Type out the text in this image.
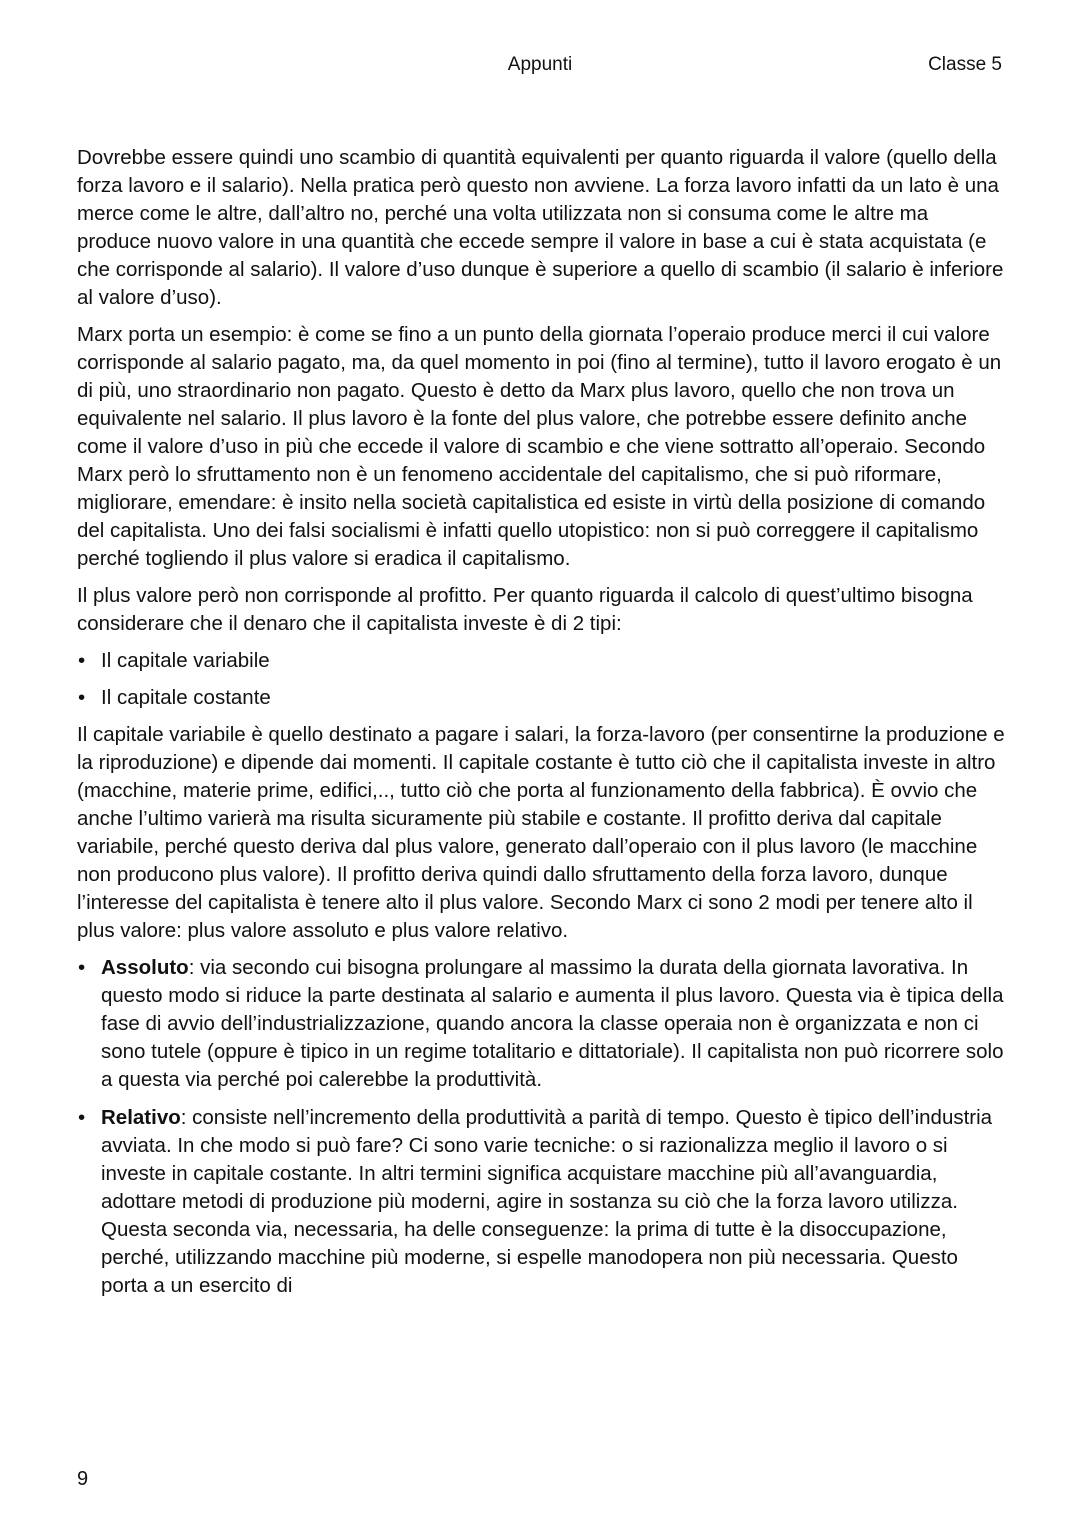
Appunti	Classe 5

Dovrebbe essere quindi uno scambio di quantità equivalenti per quanto riguarda il valore (quello della forza lavoro e il salario). Nella pratica però questo non avviene. La forza lavoro infatti da un lato è una merce come le altre, dall’altro no, perché una volta utilizzata non si consuma come le altre ma produce nuovo valore in una quantità che eccede sempre il valore in base a cui è stata acquistata (e che corrisponde al salario). Il valore d’uso dunque è superiore a quello di scambio (il salario è inferiore al valore d’uso).

Marx porta un esempio: è come se fino a un punto della giornata l’operaio produce merci il cui valore corrisponde al salario pagato, ma, da quel momento in poi (fino al termine), tutto il lavoro erogato è un di più, uno straordinario non pagato. Questo è detto da Marx plus lavoro, quello che non trova un equivalente nel salario. Il plus lavoro è la fonte del plus valore, che potrebbe essere definito anche come il valore d’uso in più che eccede il valore di scambio e che viene sottratto all’operaio. Secondo Marx però lo sfruttamento non è un fenomeno accidentale del capitalismo, che si può riformare, migliorare, emendare: è insito nella società capitalistica ed esiste in virtù della posizione di comando del capitalista. Uno dei falsi socialismi è infatti quello utopistico: non si può correggere il capitalismo perché togliendo il plus valore si eradica il capitalismo.

Il plus valore però non corrisponde al profitto. Per quanto riguarda il calcolo di quest’ultimo bisogna considerare che il denaro che il capitalista investe è di 2 tipi:

• Il capitale variabile
• Il capitale costante

Il capitale variabile è quello destinato a pagare i salari, la forza-lavoro (per consentirne la produzione e la riproduzione) e dipende dai momenti. Il capitale costante è tutto ciò che il capitalista investe in altro (macchine, materie prime, edifici,.., tutto ciò che porta al funzionamento della fabbrica). È ovvio che anche l’ultimo varierà ma risulta sicuramente più stabile e costante. Il profitto deriva dal capitale variabile, perché questo deriva dal plus valore, generato dall’operaio con il plus lavoro (le macchine non producono plus valore). Il profitto deriva quindi dallo sfruttamento della forza lavoro, dunque l’interesse del capitalista è tenere alto il plus valore. Secondo Marx ci sono 2 modi per tenere alto il plus valore: plus valore assoluto e plus valore relativo.

• Assoluto: via secondo cui bisogna prolungare al massimo la durata della giornata lavorativa. In questo modo si riduce la parte destinata al salario e aumenta il plus lavoro. Questa via è tipica della fase di avvio dell’industrializzazione, quando ancora la classe operaia non è organizzata e non ci sono tutele (oppure è tipico in un regime totalitario e dittatoriale). Il capitalista non può ricorrere solo a questa via perché poi calerebbe la produttività.
• Relativo: consiste nell’incremento della produttività a parità di tempo. Questo è tipico dell’industria avviata. In che modo si può fare? Ci sono varie tecniche: o si razionalizza meglio il lavoro o si investe in capitale costante. In altri termini significa acquistare macchine più all’avanguardia, adottare metodi di produzione più moderni, agire in sostanza su ciò che la forza lavoro utilizza. Questa seconda via, necessaria, ha delle conseguenze: la prima di tutte è la disoccupazione, perché, utilizzando macchine più moderne, si espelle manodopera non più necessaria. Questo porta a un esercito di
9
